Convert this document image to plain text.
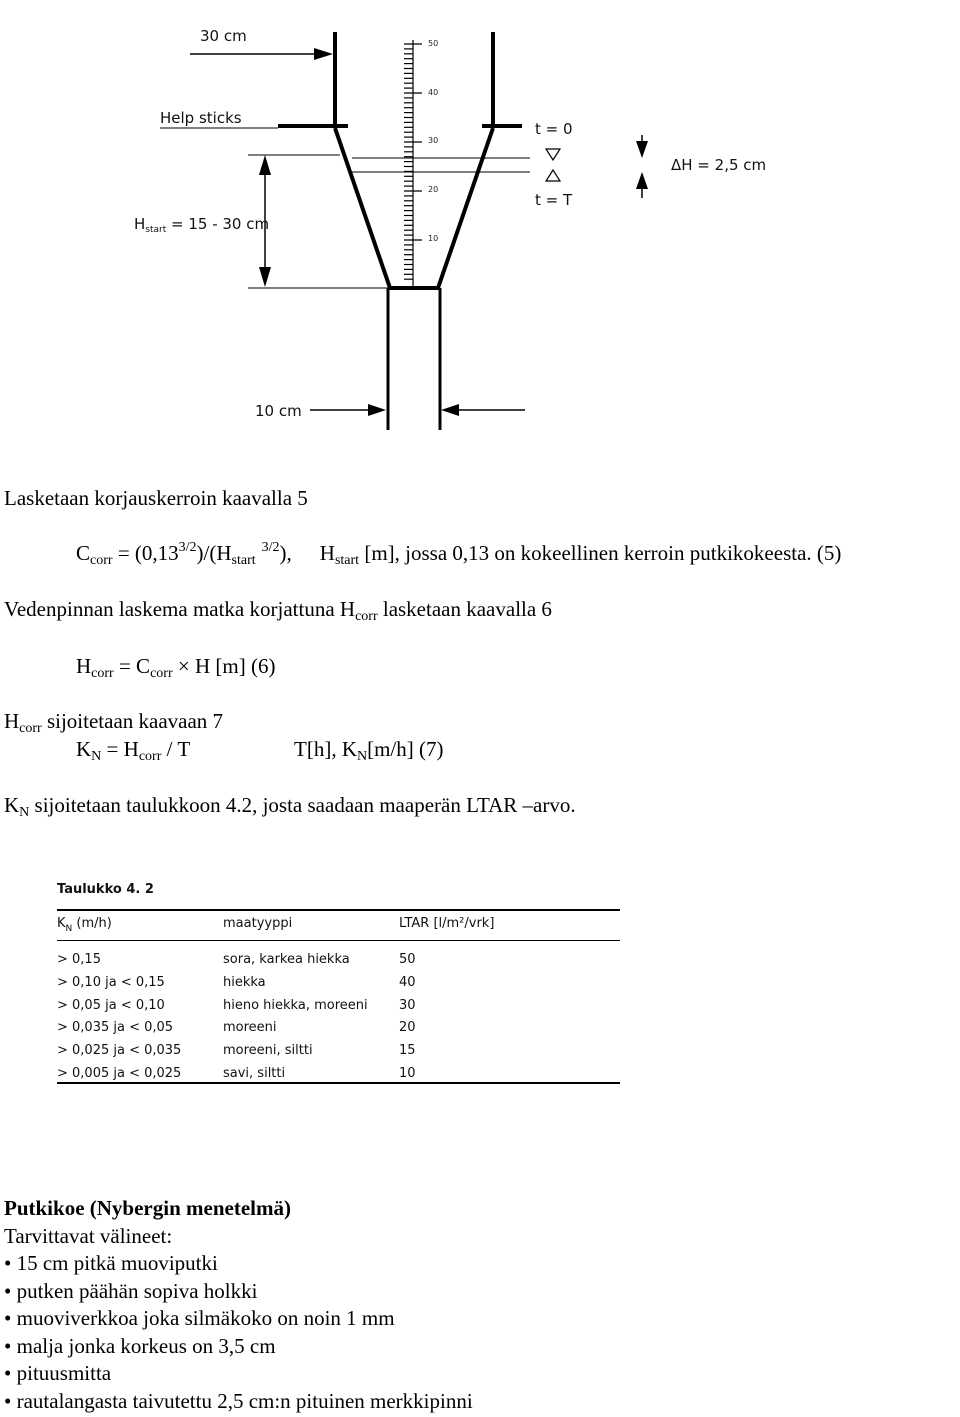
50
40
30
20
10
30 cm
Help sticks
$H_{start} = 15 - 30$ cm
10 cm
t = 0
t = T
ΔH = 2,5 cm
Lasketaan korjauskerroin kaavalla 5
$C_{corr} = (0,13^{3/2})/(H_{start}^{3/2})$, $H_{start}$ [m], jossa 0,13 on kokeellinen kerroin putkikokeesta. (5)
Vedenpinnan laskema matka korjattuna $H_{corr}$ lasketaan kaavalla 6
$H_{corr} = C_{corr} \times H$ [m] (6)
$H_{corr}$ sijoitetaan kaavaan 7
$K_N = H_{corr} / T$	T[h], $K_N[m/h]$ (7)
$K_N$ sijoitetaan taulukkoon 4.2, josta saadaan maaperän LTAR –arvo.
Taulukko 4. 2
$K_N$ (m/h)	maatyyppi	LTAR [l/m²/vrk]
> 0,15	sora, karkea hiekka	50
> 0,10 ja < 0,15	hiekka	40
> 0,05 ja < 0,10	hieno hiekka, moreeni 30
> 0,035 ja < 0,05	moreeni	20
> 0,025 ja < 0,035	moreeni, siltti	15
> 0,005 ja < 0,025	savi, siltti	10
Putkikoe (Nybergin menetelmä)
Tarvittavat välineet:
• 15 cm pitkä muoviputki
• putken päähän sopiva holkki
• muoviverkkoa joka silmäkoko on noin 1 mm
• malja jonka korkeus on 3,5 cm
• pituusmitta
• rautalangasta taivutettu 2,5 cm:n pituinen merkkipinni
